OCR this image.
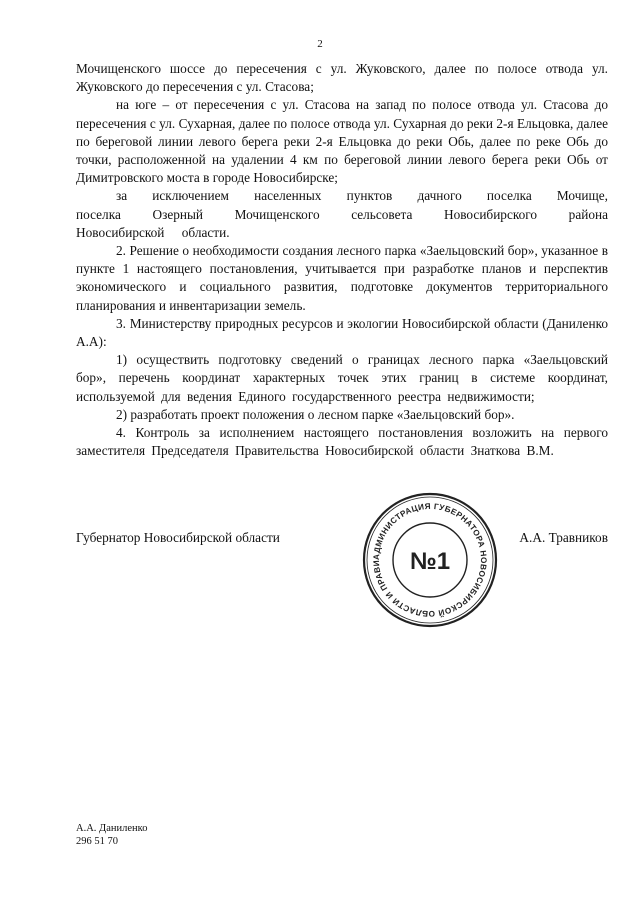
2

Мочищенского шоссе до пересечения с ул. Жуковского, далее по полосе отвода ул. Жуковского до пересечения с ул. Стасова;

на юге – от пересечения с ул. Стасова на запад по полосе отвода ул. Стасова до пересечения с ул. Сухарная, далее по полосе отвода ул. Сухарная до реки 2-я Ельцовка, далее по береговой линии левого берега реки 2-я Ельцовка до реки Обь, далее по реке Обь до точки, расположенной на удалении 4 км по береговой линии левого берега реки Обь от Димитровского моста в городе Новосибирске;

за исключением населенных пунктов дачного поселка Мочище, поселка Озерный Мочищенского сельсовета Новосибирского района Новосибирской области.

2. Решение о необходимости создания лесного парка «Заельцовский бор», указанное в пункте 1 настоящего постановления, учитывается при разработке планов и перспектив экономического и социального развития, подготовке документов территориального планирования и инвентаризации земель.

3. Министерству природных ресурсов и экологии Новосибирской области (Даниленко А.А):

1) осуществить подготовку сведений о границах лесного парка «Заельцовский бор», перечень координат характерных точек этих границ в системе координат, используемой для ведения Единого государственного реестра недвижимости;

2) разработать проект положения о лесном парке «Заельцовский бор».

4. Контроль за исполнением настоящего постановления возложить на первого заместителя Председателя Правительства Новосибирской области Знаткова В.М.

Губернатор Новосибирской области	А.А. Травников
АДМИНИСТРАЦИЯ ГУБЕРНАТОРА НОВОСИБИРСКОЙ ОБЛАСТИ И ПРАВИ	№1
А.А. Даниленко
296 51 70
